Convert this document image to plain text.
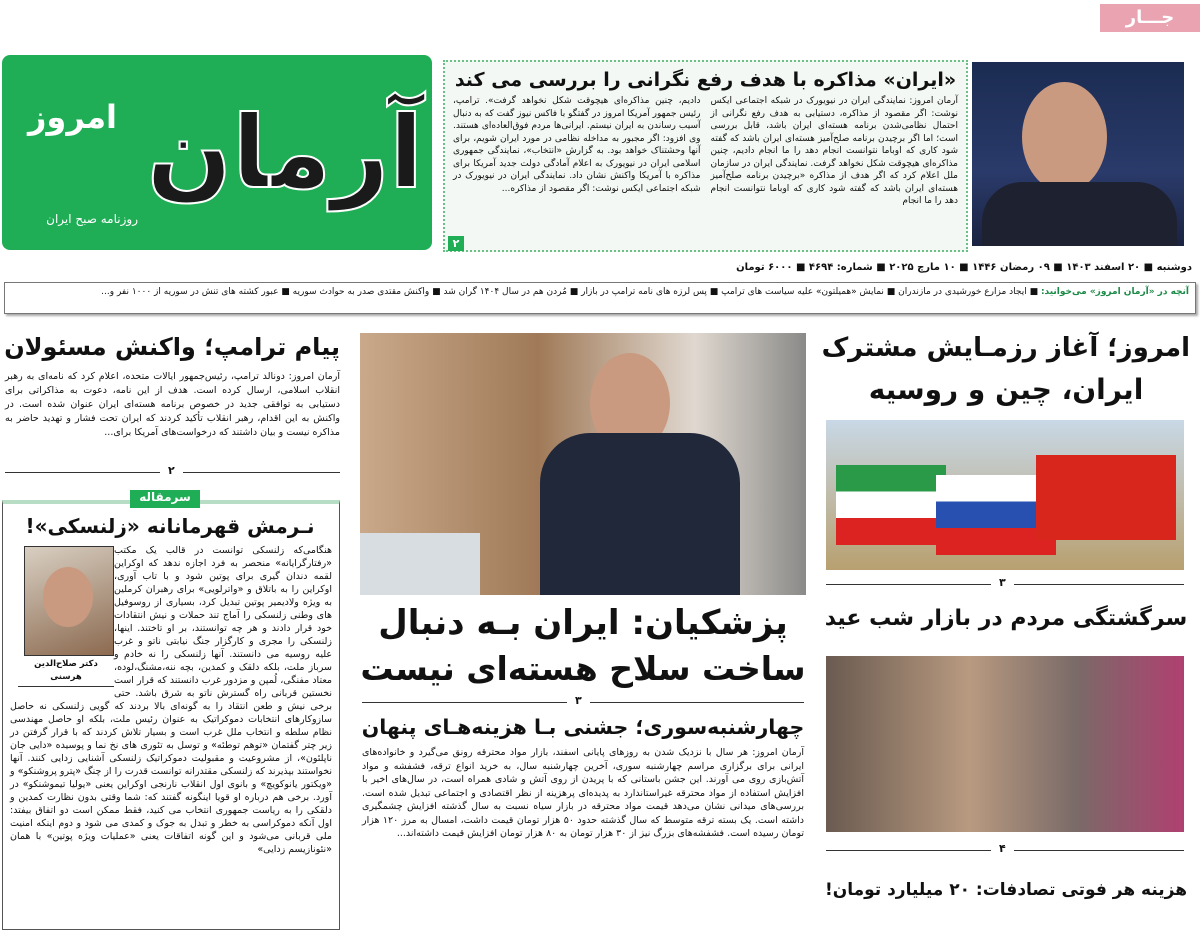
آرمان
امروز
روزنامه صبح ایران
جـــار
«ایران» مذاکره با هدف رفع نگرانی را بررسی می کند

آرمان امروز: نمایندگی ایران در نیویورک در شبکه اجتماعی ایکس نوشت: اگر مقصود از مذاکره، دستیابی به هدف رفع نگرانی از احتمال نظامی‌شدن برنامه هسته‌ای ایران باشد، قابل بررسی است؛ اما اگر برچیدن برنامه صلح‌آمیز هسته‌ای ایران باشد که گفته شود کاری که اوباما نتوانست انجام دهد را ما انجام دادیم، چنین مذاکره‌ای هیچوقت شکل نخواهد گرفت. نمایندگی ایران در سازمان ملل اعلام کرد که اگر هدف از مذاکره «برچیدن برنامه صلح‌آمیز هسته‌ای ایران باشد که گفته شود کاری که اوباما نتوانست انجام دهد را ما انجام

دادیم، چنین مذاکره‌ای هیچوقت شکل نخواهد گرفت». ترامپ، رئیس جمهور آمریکا امروز در گفتگو با فاکس نیوز گفت که به دنبال آسیب رساندن به ایران نیستم. ایرانی‌ها مردم فوق‌العاده‌ای هستند. وی افزود: اگر مجبور به مداخله نظامی در مورد ایران شویم، برای آنها وحشتناک خواهد بود. به گزارش «انتخاب»، نمایندگی جمهوری اسلامی ایران در نیویورک به اعلام آمادگی دولت جدید آمریکا برای مذاکره با آمریکا واکنش نشان داد. نمایندگی ایران در نیویورک در شبکه اجتماعی ایکس نوشت: اگر مقصود از مذاکره...

۲
دوشنبه ■ ۲۰ اسفند ۱۴۰۳ ■ ۰۹ رمضان ۱۴۴۶ ■ ۱۰ مارچ ۲۰۲۵ ■ شماره: ۴۶۹۴ ■ ۶۰۰۰ تومان
آنچه در «آرمان امروز» می‌خوانید: ■ ایجاد مزارع خورشیدی در مازندران ■ نمایش «همیلتون» علیه سیاست های ترامپ ■ پس لرزه های نامه ترامپ در بازار ■ مُردن هم در سال ۱۴۰۴ گران شد ■ واکنش مقتدی صدر به حوادث سوریه ■ عبور کشته های تنش در سوریه از ۱۰۰۰ نفر و...
پیام ترامپ؛ واکنش مسئولان
آرمان امروز: دونالد ترامپ، رئیس‌جمهور ایالات متحده، اعلام کرد که نامه‌ای به رهبر انقلاب اسلامی، ارسال کرده است. هدف از این نامه، دعوت به مذاکراتی برای دستیابی به توافقی جدید در خصوص برنامه هسته‌ای ایران عنوان شده است. در واکنش به این اقدام، رهبر انقلاب تأکید کردند که ایران تحت فشار و تهدید حاضر به مذاکره نیست و بیان داشتند که درخواست‌های آمریکا برای...
۲
سرمقاله
نـرمش قهرمانانه «زلنسکی»!
دکتر صلاح‌الدین هرسنی
هنگامی‌که زلنسکی توانست در قالب یک مکتب «رفتارگرایانه» منحصر به فرد اجازه ندهد که اوکراین لقمه دندان گیری برای پوتین شود و با تاب آوری، اوکراین را به باتلاق و «واترلویی» برای رهبران کرملین به ویژه ولادیمیر پوتین تبدیل کرد، بسیاری از روسوفیل های وطنی زلنسکی را آماج تند حملات و نیش انتقادات خود قرار دادند و هر چه توانستند، بر او تاختند. اینها، زلنسکی را مجری و کارگزار جنگ نیابتی ناتو و غرب علیه روسیه می دانستند. آنها زلنسکی را نه خادم و سرباز ملت، بلکه دلقک و کمدین، بچه ننه،مشنگ،لوده، معتاد مفنگی، لُمپن و مزدور غرب دانستند که قرار است نخستین قربانی راه گسترش ناتو به شرق باشد. حتی برخی نیش و طعن انتقاد را به گونه‌ای بالا بردند که گویی زلنسکی نه حاصل سازوکارهای انتخابات دموکراتیک به عنوان رئیس ملت، بلکه او حاصل مهندسی نظام سلطه و انتخاب ملل غرب است و بسیار تلاش کردند که با قرار گرفتن در زیر چتر گفتمان «توهم توطئه» و توسل به تئوری های نخ نما و پوسیده «دایی جان ناپلئون»، از مشروعیت و مقبولیت دموکراتیک زلنسکی آشنایی زدایی کنند. آنها نخواستند بپذیرند که زلنسکی مقتدرانه توانست قدرت را از چنگ «پترو پروشنکو» و «ویکتور یانوکویچ» و بانوی اول انقلاب نارنجی اوکراین یعنی «یولیا تیموشنکو» در آورد. برخی هم درباره او قویا اینگونه گفتند که: شما وقتی بدون نظارت کمدین و دلقکی را به ریاست جمهوری انتخاب می کنید، فقط ممکن است دو اتفاق بیفتد: اول آنکه دموکراسی به خطر و تبدل به جوک و کمدی می شود و دوم اینکه امنیت ملی قربانی می‌شود و این گونه اتفاقات یعنی «عملیات ویژه پوتین» با همان «نئونازیسم زدایی»
پزشکیان: ایران بـه دنبال
ساخت سلاح هسته‌ای نیست
۳
چهارشنبه‌سوری؛ جشنی بـا هزینه‌هـای پنهان
آرمان امروز: هر سال با نزدیک شدن به روزهای پایانی اسفند، بازار مواد محترقه رونق می‌گیرد و خانواده‌های ایرانی برای برگزاری مراسم چهارشنبه سوری، آخرین چهارشنبه سال، به خرید انواع ترقه، فشفشه و مواد آتش‌بازی روی می آورند. این جشن باستانی که با پریدن از روی آتش و شادی همراه است، در سال‌های اخیر با افزایش استفاده از مواد محترقه غیراستاندارد به پدیده‌ای پرهزینه از نظر اقتصادی و اجتماعی تبدیل شده است. بررسی‌های میدانی نشان می‌دهد قیمت مواد محترقه در بازار سیاه نسبت به سال گذشته افزایش چشمگیری داشته است. یک بسته ترقه متوسط که سال گذشته حدود ۵۰ هزار تومان قیمت داشت، امسال به مرز ۱۲۰ هزار تومان رسیده است. فشفشه‌های بزرگ نیز از ۳۰ هزار تومان به ۸۰ هزار تومان افزایش قیمت داشته‌اند...
امروز؛ آغاز رزمـایش مشترک
ایران، چین و روسیه
۳
سرگشتگی مردم در بازار شب عید
۴
هزینه هر فوتی تصادفات: ۲۰ میلیارد تومان!
